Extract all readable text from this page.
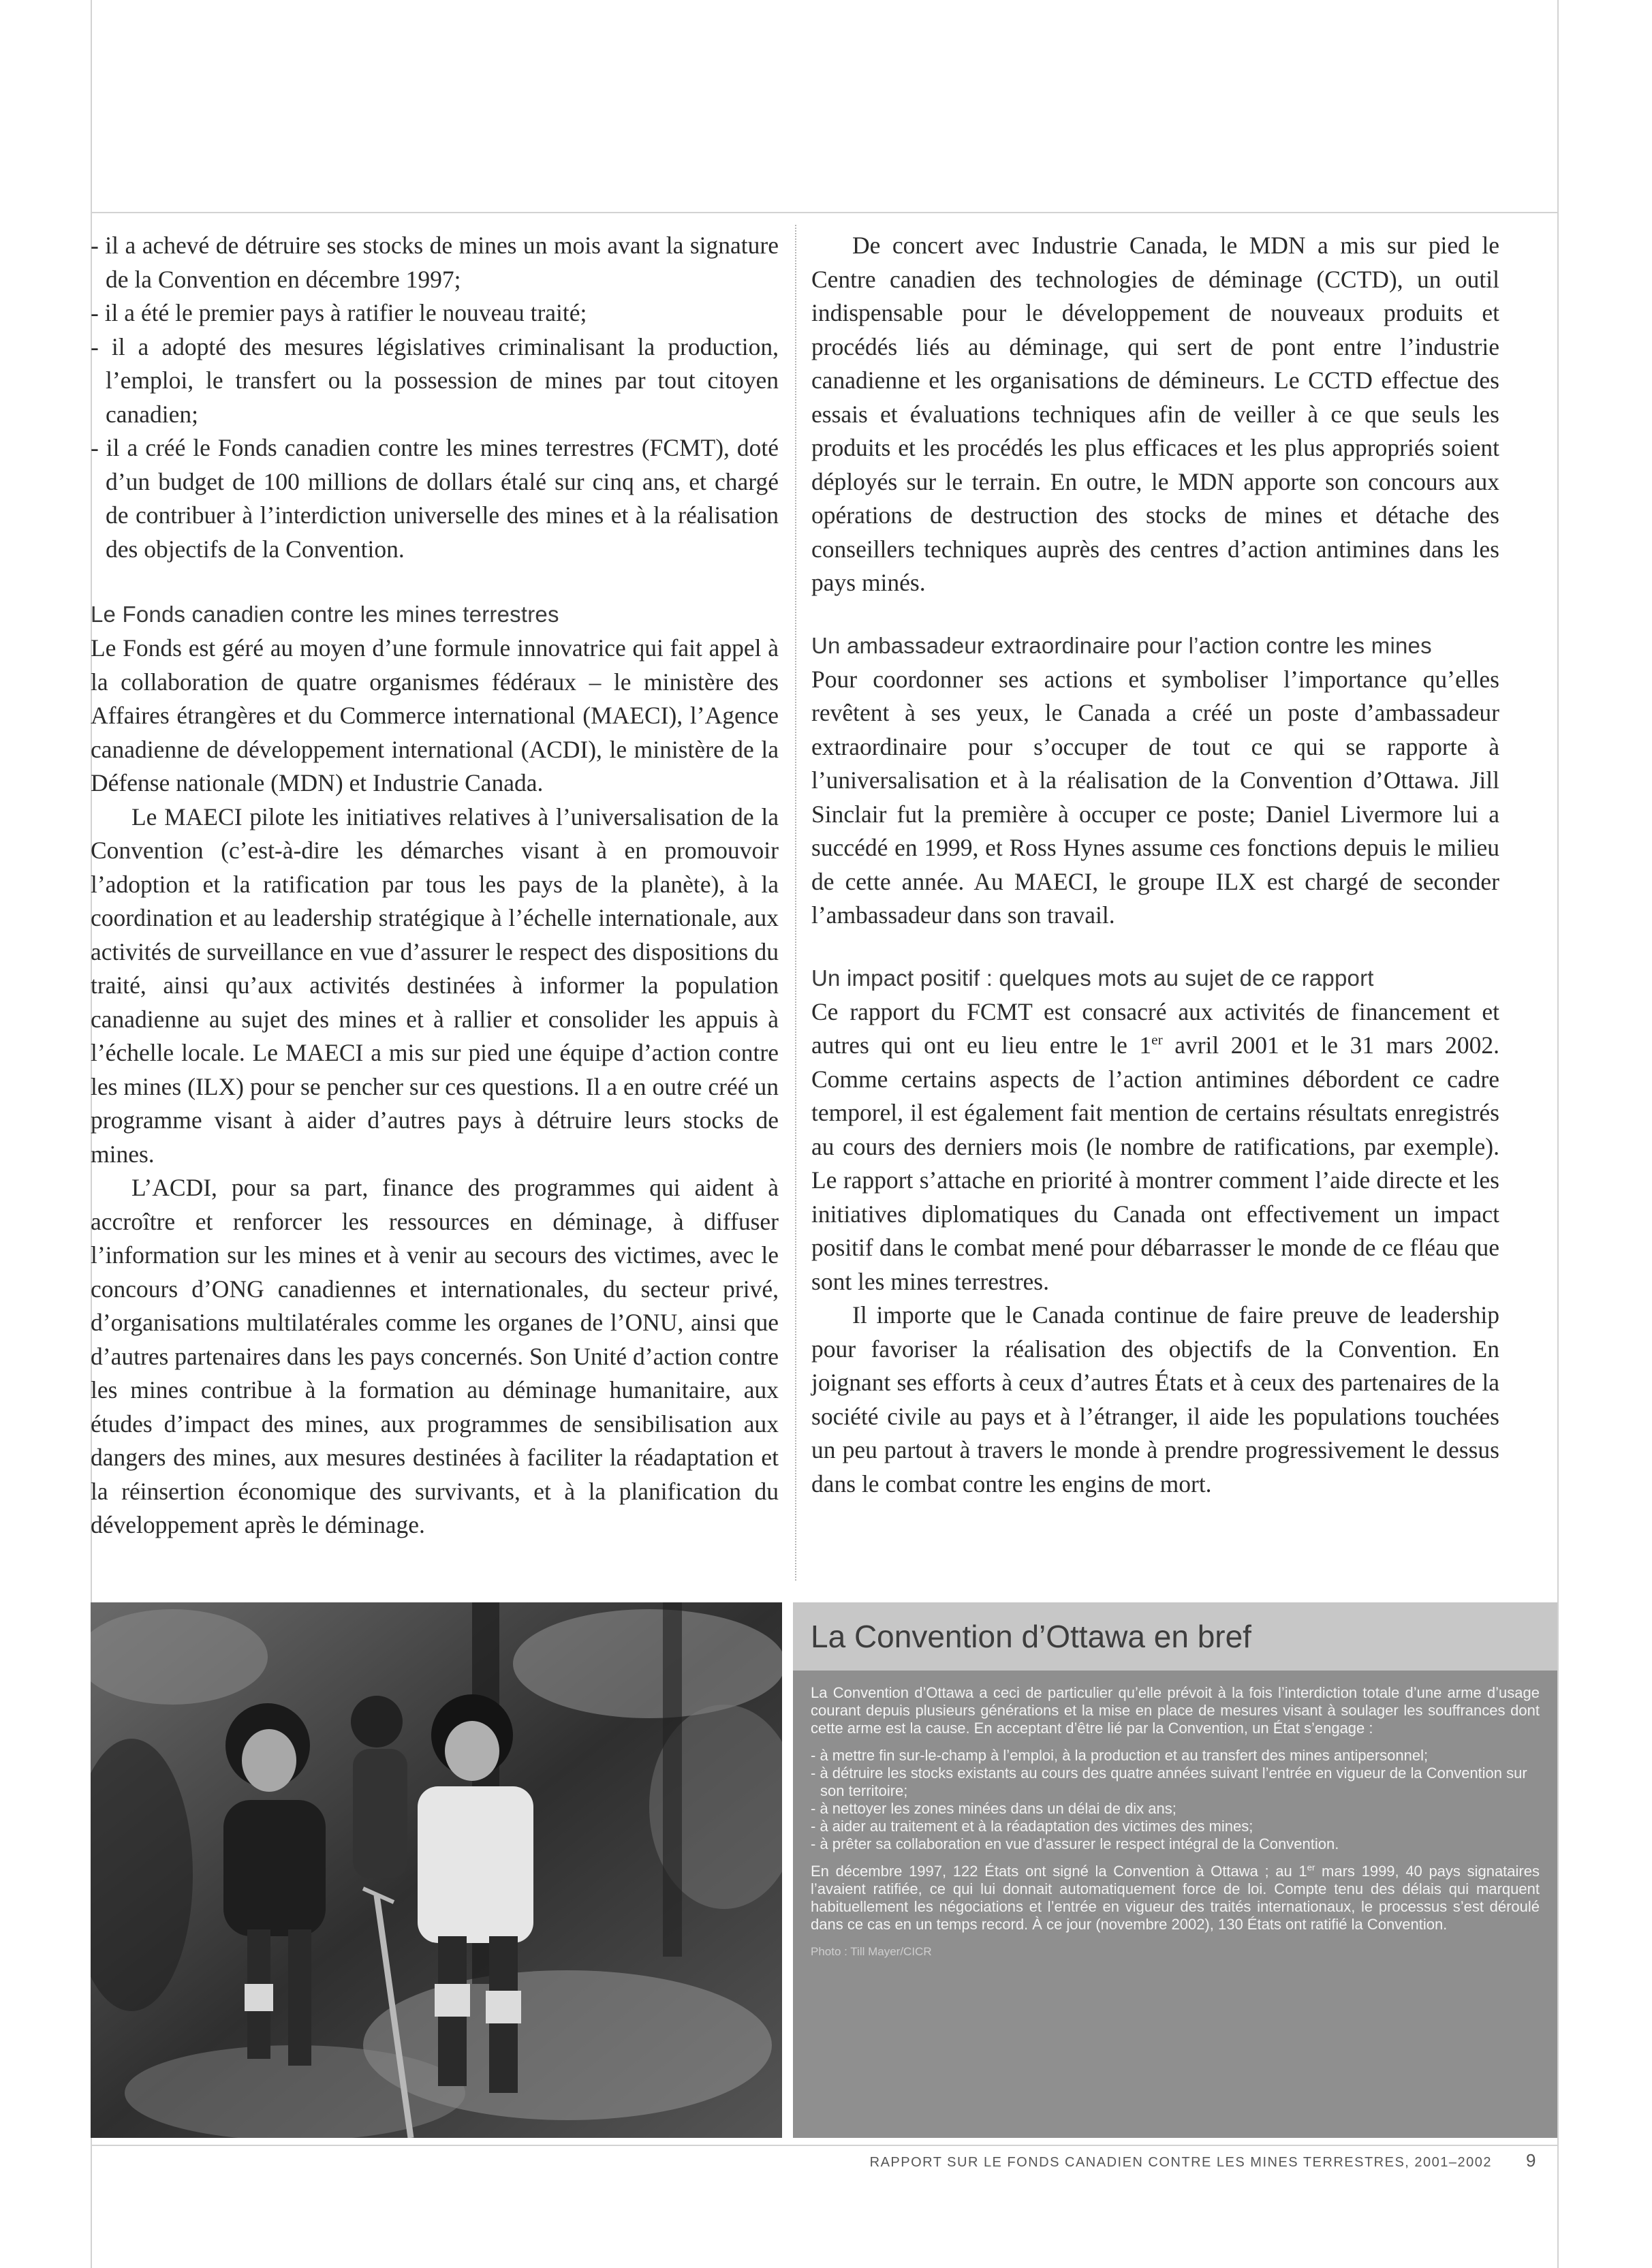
- il a achevé de détruire ses stocks de mines un mois avant la signature de la Convention en décembre 1997;
- il a été le premier pays à ratifier le nouveau traité;
- il a adopté des mesures législatives criminalisant la production, l’emploi, le transfert ou la possession de mines par tout citoyen canadien;
- il a créé le Fonds canadien contre les mines terrestres (FCMT), doté d’un budget de 100 millions de dollars étalé sur cinq ans, et chargé de contribuer à l’interdiction universelle des mines et à la réalisation des objectifs de la Convention.
Le Fonds canadien contre les mines terrestres

Le Fonds est géré au moyen d’une formule innovatrice qui fait appel à la collaboration de quatre organismes fédéraux – le ministère des Affaires étrangères et du Commerce international (MAECI), l’Agence canadienne de développement international (ACDI), le ministère de la Défense nationale (MDN) et Industrie Canada.

Le MAECI pilote les initiatives relatives à l’universalisation de la Convention (c’est-à-dire les démarches visant à en promouvoir l’adoption et la ratification par tous les pays de la planète), à la coordination et au leadership stratégique à l’échelle internationale, aux activités de surveillance en vue d’assurer le respect des dispositions du traité, ainsi qu’aux activités destinées à informer la population canadienne au sujet des mines et à rallier et consolider les appuis à l’échelle locale. Le MAECI a mis sur pied une équipe d’action contre les mines (ILX) pour se pencher sur ces questions. Il a en outre créé un programme visant à aider d’autres pays à détruire leurs stocks de mines.

L’ACDI, pour sa part, finance des programmes qui aident à accroître et renforcer les ressources en déminage, à diffuser l’information sur les mines et à venir au secours des victimes, avec le concours d’ONG canadiennes et internationales, du secteur privé, d’organisations multilatérales comme les organes de l’ONU, ainsi que d’autres partenaires dans les pays concernés. Son Unité d’action contre les mines contribue à la formation au déminage humanitaire, aux études d’impact des mines, aux programmes de sensibilisation aux dangers des mines, aux mesures destinées à faciliter la réadaptation et la réinsertion économique des survivants, et à la planification du développement après le déminage.

De concert avec Industrie Canada, le MDN a mis sur pied le Centre canadien des technologies de déminage (CCTD), un outil indispensable pour le développement de nouveaux produits et procédés liés au déminage, qui sert de pont entre l’industrie canadienne et les organisations de démineurs. Le CCTD effectue des essais et évaluations techniques afin de veiller à ce que seuls les produits et les procédés les plus efficaces et les plus appropriés soient déployés sur le terrain. En outre, le MDN apporte son concours aux opérations de destruction des stocks de mines et détache des conseillers techniques auprès des centres d’action antimines dans les pays minés.

Un ambassadeur extraordinaire pour l’action contre les mines

Pour coordonner ses actions et symboliser l’importance qu’elles revêtent à ses yeux, le Canada a créé un poste d’ambassadeur extraordinaire pour s’occuper de tout ce qui se rapporte à l’universalisation et à la réalisation de la Convention d’Ottawa. Jill Sinclair fut la première à occuper ce poste; Daniel Livermore lui a succédé en 1999, et Ross Hynes assume ces fonctions depuis le milieu de cette année. Au MAECI, le groupe ILX est chargé de seconder l’ambassadeur dans son travail.

Un impact positif : quelques mots au sujet de ce rapport

Ce rapport du FCMT est consacré aux activités de financement et autres qui ont eu lieu entre le 1er avril 2001 et le 31 mars 2002. Comme certains aspects de l’action antimines débordent ce cadre temporel, il est également fait mention de certains résultats enregistrés au cours des derniers mois (le nombre de ratifications, par exemple). Le rapport s’attache en priorité à montrer comment l’aide directe et les initiatives diplomatiques du Canada ont effectivement un impact positif dans le combat mené pour débarrasser le monde de ce fléau que sont les mines terrestres.

Il importe que le Canada continue de faire preuve de leadership pour favoriser la réalisation des objectifs de la Convention. En joignant ses efforts à ceux d’autres États et à ceux des partenaires de la société civile au pays et à l’étranger, il aide les populations touchées un peu partout à travers le monde à prendre progressivement le dessus dans le combat contre les engins de mort.

La Convention d’Ottawa en bref

La Convention d’Ottawa a ceci de particulier qu’elle prévoit à la fois l’interdiction totale d’une arme d’usage courant depuis plusieurs générations et la mise en place de mesures visant à soulager les souffrances dont cette arme est la cause. En acceptant d’être lié par la Convention, un État s’engage :

- à mettre fin sur-le-champ à l’emploi, à la production et au transfert des mines antipersonnel;
- à détruire les stocks existants au cours des quatre années suivant l’entrée en vigueur de la Convention sur son territoire;
- à nettoyer les zones minées dans un délai de dix ans;
- à aider au traitement et à la réadaptation des victimes des mines;
- à prêter sa collaboration en vue d’assurer le respect intégral de la Convention.

En décembre 1997, 122 États ont signé la Convention à Ottawa ; au 1er mars 1999, 40 pays signataires l’avaient ratifiée, ce qui lui donnait automatiquement force de loi. Compte tenu des délais qui marquent habituellement les négociations et l’entrée en vigueur des traités internationaux, le processus s’est déroulé dans ce cas en un temps record. À ce jour (novembre 2002), 130 États ont ratifié la Convention.

Photo : Till Mayer/CICR
RAPPORT SUR LE FONDS CANADIEN CONTRE LES MINES TERRESTRES, 2001–2002 9
